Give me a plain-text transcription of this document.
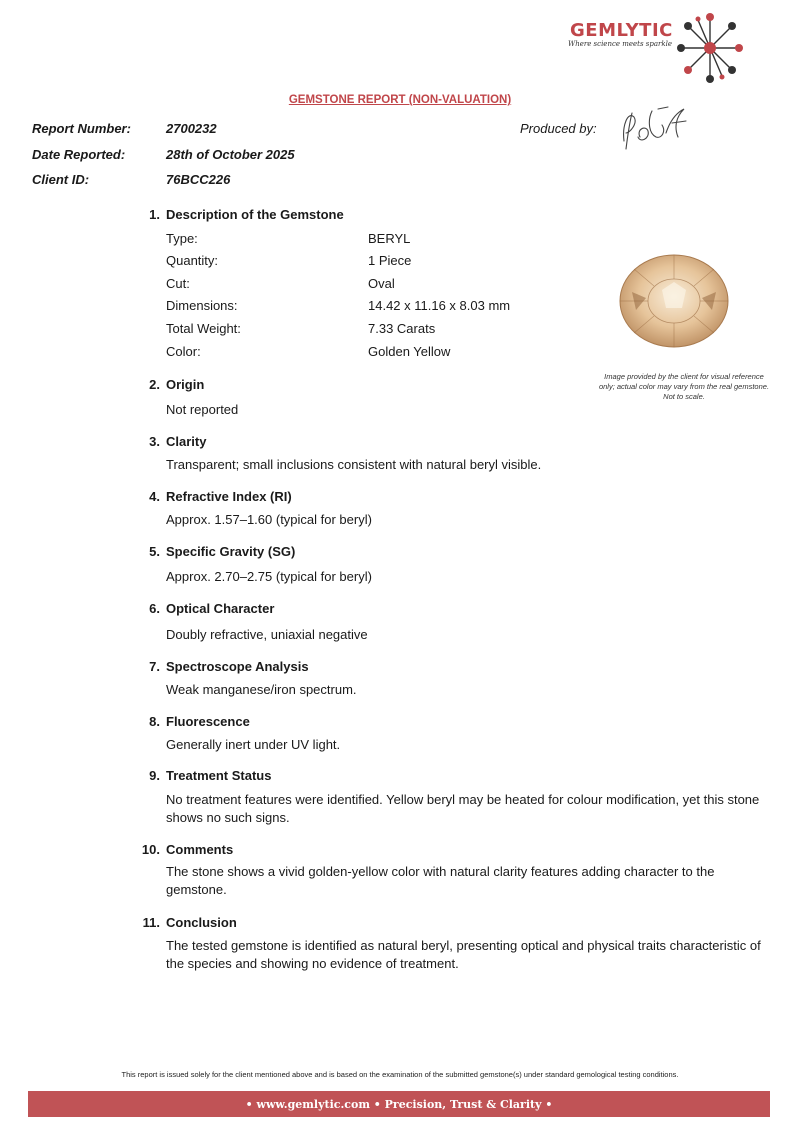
GEMLYTIC
Where science meets sparkle
GEMSTONE REPORT (NON-VALUATION)
Report Number:	2700232
Date Reported:	28th of October 2025
Client ID:	76BCC226
Produced by:
1. Description of the Gemstone
Type:	BERYL
Quantity:	1 Piece
Cut:	Oval
Dimensions:	14.42 x 11.16 x 8.03 mm
Total Weight:	7.33 Carats
Color:	Golden Yellow
Image provided by the client for visual reference only; actual color may vary from the real gemstone. Not to scale.
2. Origin
Not reported
3. Clarity
Transparent; small inclusions consistent with natural beryl visible.
4. Refractive Index (RI)
Approx. 1.57–1.60 (typical for beryl)
5. Specific Gravity (SG)
Approx. 2.70–2.75 (typical for beryl)
6. Optical Character
Doubly refractive, uniaxial negative
7. Spectroscope Analysis
Weak manganese/iron spectrum.
8. Fluorescence
Generally inert under UV light.
9. Treatment Status
No treatment features were identified. Yellow beryl may be heated for colour modification, yet this stone shows no such signs.
10. Comments
The stone shows a vivid golden-yellow color with natural clarity features adding character to the gemstone.
11. Conclusion
The tested gemstone is identified as natural beryl, presenting optical and physical traits characteristic of the species and showing no evidence of treatment.
This report is issued solely for the client mentioned above and is based on the examination of the submitted gemstone(s) under standard gemological testing conditions.
• www.gemlytic.com • Precision, Trust & Clarity •
